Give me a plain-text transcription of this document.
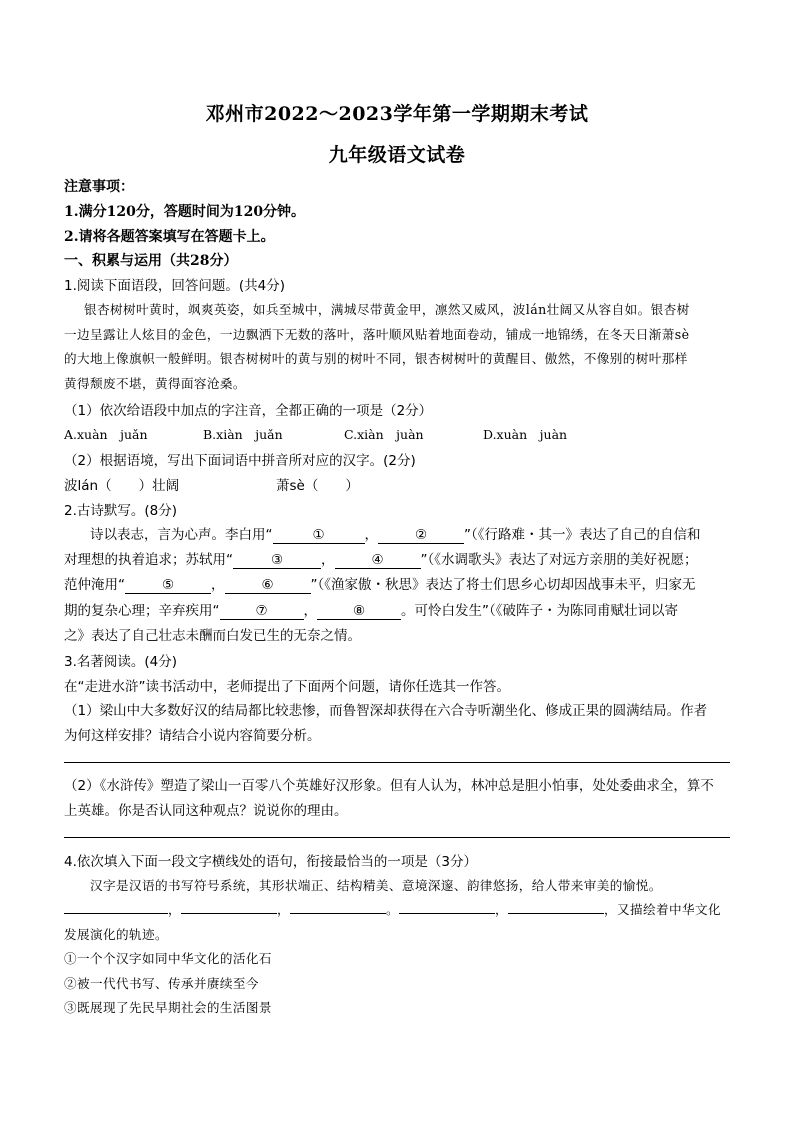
邓州市2022～2023学年第一学期期末考试
九年级语文试卷
注意事项：
1.满分120分，答题时间为120分钟。
2.请将各题答案填写在答题卡上。
一、积累与运用（共28分）
1.阅读下面语段，回答问题。(共4分)
银杏树树叶黄时，飒爽英姿，如兵至城中，满城尽带黄金甲，凛然又威风，波lán壮阔又从容自如。银杏树
一边呈露让人炫目的金色，一边飘洒下无数的落叶，落叶顺风贴着地面卷动，铺成一地锦绣，在冬天日渐萧sè
的大地上像旗帜一般鲜明。银杏树树叶的黄与别的树叶不同，银杏树树叶的黄醒目、傲然，不像别的树叶那样
黄得颓废不堪，黄得面容沧桑。
（1）依次给语段中加点的字注音，全都正确的一项是（2分）
A.xuàn　juǎn	B.xiàn　juǎn	C.xiàn　juàn	D.xuàn　juàn
（2）根据语境，写出下面词语中拼音所对应的汉字。(2分)
波lán（　　）壮阔	萧sè（　　）
2.古诗默写。(8分)
诗以表志，言为心声。李白用“	①	，	②	”（《行路难・其一》表达了自己的自信和
对理想的执着追求；苏轼用“	③	，	④	”（《水调歌头》表达了对远方亲朋的美好祝愿；
范仲淹用“	⑤	，	⑥	”（《渔家傲・秋思》表达了将士们思乡心切却因战事未平，归家无
期的复杂心理；辛弃疾用“	⑦	，	⑧	。可怜白发生”（《破阵子・为陈同甫赋壮词以寄
之》表达了自己壮志未酬而白发已生的无奈之情。
3.名著阅读。(4分)
在“走进水浒”读书活动中，老师提出了下面两个问题，请你任选其一作答。
（1）梁山中大多数好汉的结局都比较悲惨，而鲁智深却获得在六合寺听潮坐化、修成正果的圆满结局。作者
为何这样安排？请结合小说内容简要分析。
（2）《水浒传》塑造了梁山一百零八个英雄好汉形象。但有人认为，林冲总是胆小怕事，处处委曲求全，算不
上英雄。你是否认同这种观点？说说你的理由。
4.依次填入下面一段文字横线处的语句，衔接最恰当的一项是（3分）
汉字是汉语的书写符号系统，其形状端正、结构精美、意境深邃、韵律悠扬，给人带来审美的愉悦。
，	，	。	，	，又描绘着中华文化
发展演化的轨迹。
①一个个汉字如同中华文化的活化石
②被一代代书写、传承并赓续至今
③既展现了先民早期社会的生活图景
